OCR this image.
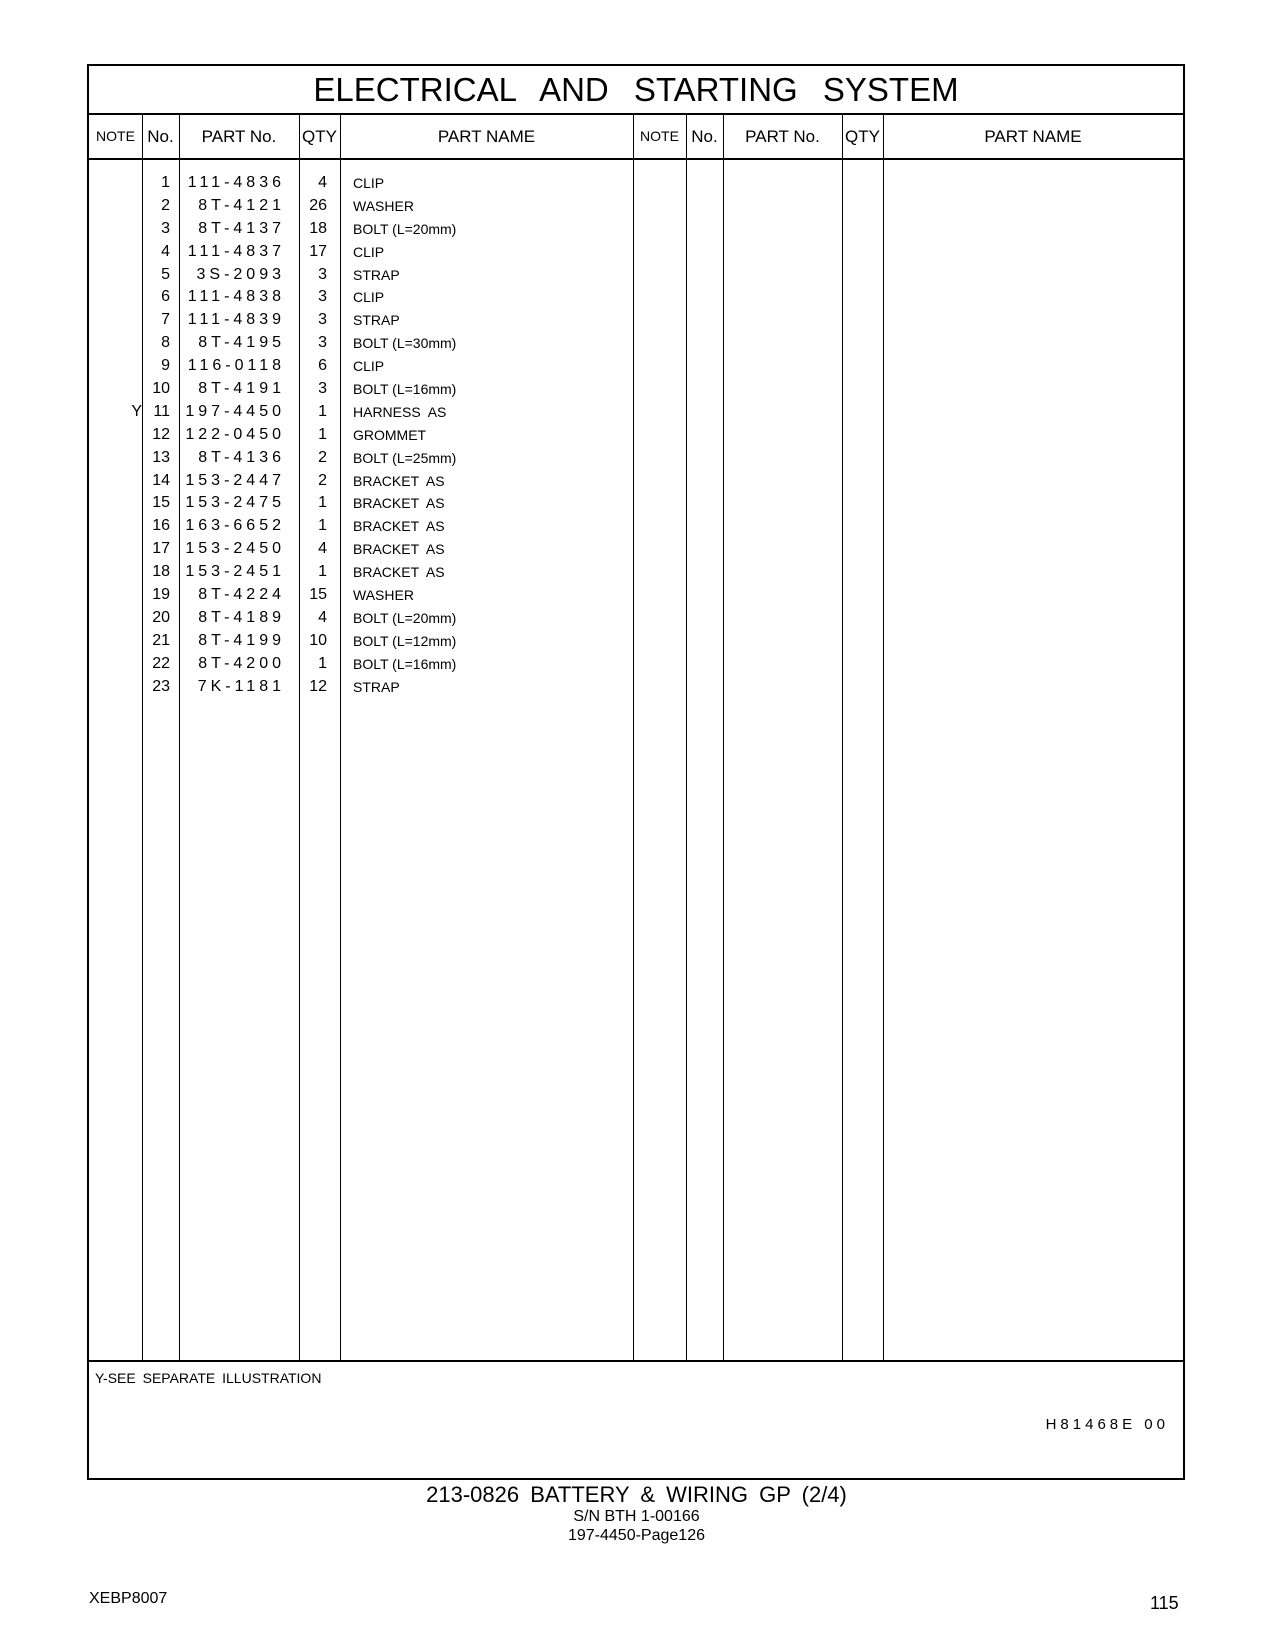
ELECTRICAL AND STARTING SYSTEM
NOTE No.	PART No.	QTY	PART NAME	NOTE No.	PART No.	QTY	PART NAME
1	111-4836	4 CLIP
2	8T-4121	26 WASHER
3	8T-4137	18 BOLT (L=20mm)
4	111-4837	17 CLIP
5	3S-2093	3 STRAP
6	111-4838	3 CLIP
7	111-4839	3 STRAP
8	8T-4195	3 BOLT (L=30mm)
9	116-0118	6 CLIP
10	8T-4191	3 BOLT (L=16mm)
Y 11 197-4450	1 HARNESS  AS
12 122-0450	1 GROMMET
13	8T-4136	2 BOLT (L=25mm)
14 153-2447	2 BRACKET  AS
15 153-2475	1 BRACKET  AS
16 163-6652	1 BRACKET  AS
17 153-2450	4 BRACKET  AS
18 153-2451	1 BRACKET  AS
19	8T-4224	15 WASHER
20	8T-4189	4 BOLT (L=20mm)
21	8T-4199	10 BOLT (L=12mm)
22	8T-4200	1 BOLT (L=16mm)
23	7K-1181	12 STRAP
Y-SEE SEPARATE ILLUSTRATION
H81468E 00
213-0826 BATTERY & WIRING GP (2/4)
S/N BTH 1-00166
197-4450-Page126
XEBP8007	115
